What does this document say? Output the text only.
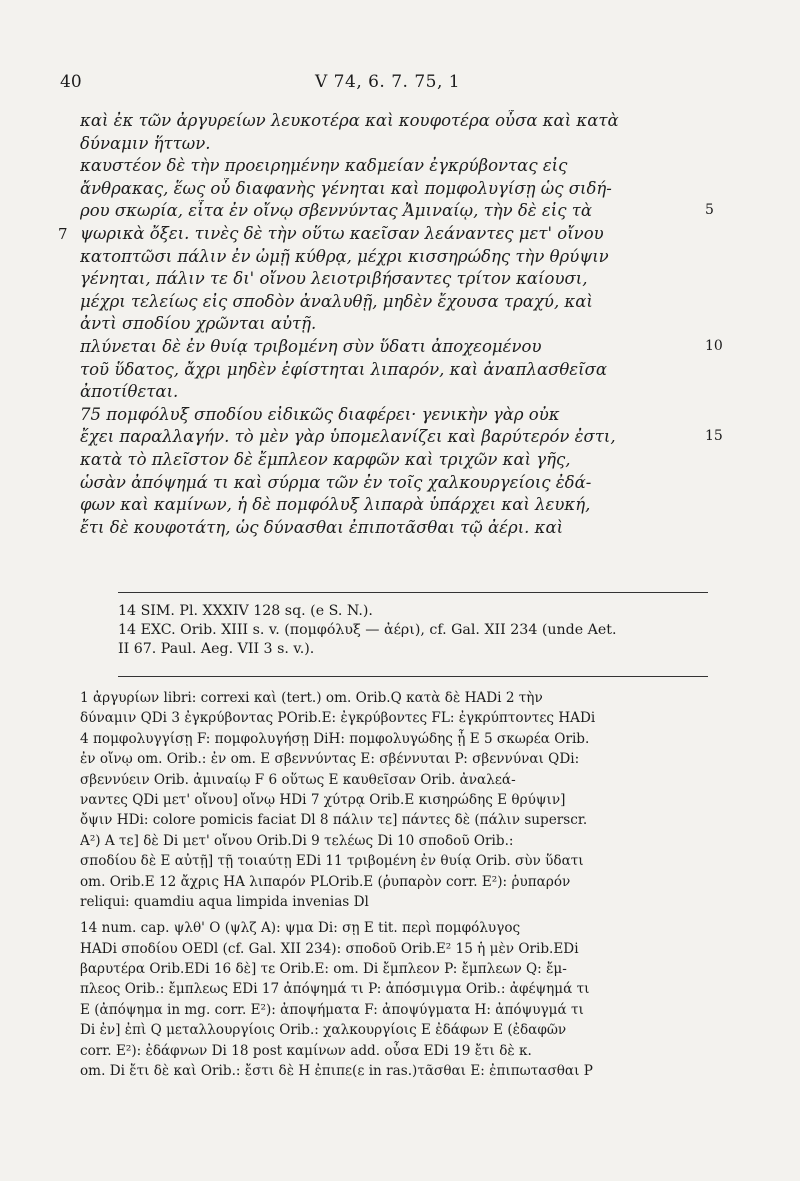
40	V 74, 6. 7. 75, 1
καὶ ἐκ τῶν ἀργυρείων λευκοτέρα καὶ κουφοτέρα οὖσα καὶ κατὰ
δύναμιν ἥττων.
καυστέον δὲ τὴν προειρημένην καδμείαν ἐγκρύβοντας εἰς
ἄνθρακας, ἕως οὗ διαφανὴς γένηται καὶ πομφολυγίσῃ ὡς σιδή-
ρου σκωρία, εἶτα ἐν οἴνῳ σβεννύντας Ἀμιναίῳ, τὴν δὲ εἰς τὰ
ψωρικὰ ὄξει. τινὲς δὲ τὴν οὕτω καεῖσαν λεάναντες μετ' οἴνου
κατοπτῶσι πάλιν ἐν ὠμῇ κύθρᾳ, μέχρι κισσηρώδης τὴν θρύψιν
γένηται, πάλιν τε δι' οἴνου λειοτριβήσαντες τρίτον καίουσι,
μέχρι τελείως εἰς σποδὸν ἀναλυθῇ, μηδὲν ἔχουσα τραχύ, καὶ
ἀντὶ σποδίου χρῶνται αὐτῇ.
πλύνεται δὲ ἐν θυίᾳ τριβομένη σὺν ὕδατι ἀποχεομένου
τοῦ ὕδατος, ἄχρι μηδὲν ἐφίστηται λιπαρόν, καὶ ἀναπλασθεῖσα
ἀποτίθεται.
75 πομφόλυξ σποδίου εἰδικῶς διαφέρει· γενικὴν γὰρ οὐκ
ἔχει παραλλαγήν. τὸ μὲν γὰρ ὑπομελανίζει καὶ βαρύτερόν ἐστι,
κατὰ τὸ πλεῖστον δὲ ἔμπλεον καρφῶν καὶ τριχῶν καὶ γῆς,
ὡσὰν ἀπόψημά τι καὶ σύρμα τῶν ἐν τοῖς χαλκουργείοις ἐδά-
φων καὶ καμίνων, ἡ δὲ πομφόλυξ λιπαρὰ ὑπάρχει καὶ λευκή,
ἔτι δὲ κουφοτάτη, ὡς δύνασθαι ἐπιποτᾶσθαι τῷ ἀέρι. καὶ
14 SIM. Pl. XXXIV 128 sq. (e S. N.).
14 EXC. Orib. XIII s. v. (πομφόλυξ — ἀέρι), cf. Gal. XII 234 (unde Aet.
II 67. Paul. Aeg. VII 3 s. v.).
1 ἀργυρίων libri: correxi καὶ (tert.) om. Orib.Q κατὰ δὲ HADi 2 τὴν
δύναμιν QDi 3 ἐγκρύβοντας POrib.E: ἐγκρύβοντες FL: ἐγκρύπτοντες HADi
4 πομφολυγγίσῃ F: πομφολυγήσῃ DiH: πομφολυγώδης ᾖ E 5 σκωρέα Orib.
ἐν οἴνῳ om. Orib.: ἐν om. E σβεννύντας E: σβέννυται P: σβεννύναι QDi:
σβεννύειν Orib. ἀμιναίῳ F 6 οὕτως E καυθεῖσαν Orib. ἀναλεά-
ναντες QDi μετ' οἴνου] οἴνῳ HDi 7 χύτρᾳ Orib.E κισηρώδης E θρύψιν]
ὄψιν HDi: colore pomicis faciat Dl 8 πάλιν τε] πάντες δὲ (πάλιν superscr.
A²) A τε] δὲ Di μετ' οἴνου Orib.Di 9 τελέως Di 10 σποδοῦ Orib.:
σποδίου δὲ E αὐτῇ] τῇ τοιαύτῃ EDi 11 τριβομένη ἐν θυίᾳ Orib. σὺν ὕδατι
om. Orib.E 12 ἄχρις HA λιπαρόν PLOrib.E (ῥυπαρὸν corr. E²): ῥυπαρόν
reliqui: quamdiu aqua limpida invenias Dl
14 num. cap. ψλθ' O (ψλζ A): ψμα Di: σῃ E tit. περὶ πομφόλυγος
HADi σποδίου OEDl (cf. Gal. XII 234): σποδοῦ Orib.E² 15 ἡ μὲν Orib.EDi
βαρυτέρα Orib.EDi 16 δὲ] τε Orib.E: om. Di ἔμπλεον P: ἔμπλεων Q: ἔμ-
πλεος Orib.: ἔμπλεως EDi 17 ἀπόψημά τι P: ἀπόσμιγμα Orib.: ἀφέψημά τι
E (ἀπόψημα in mg. corr. E²): ἀποψήματα F: ἀποψύγματα H: ἀπόψυγμά τι
Di ἐν] ἐπὶ Q μεταλλουργίοις Orib.: χαλκουργίοις E ἐδάφων E (ἐδαφῶν
corr. E²): ἐδάφνων Di 18 post καμίνων add. οὖσα EDi 19 ἔτι δὲ κ.
om. Di ἔτι δὲ καὶ Orib.: ἔστι δὲ H ἐπιπε(ε in ras.)τᾶσθαι E: ἐπιπωτασθαι P
5
10
15
7
